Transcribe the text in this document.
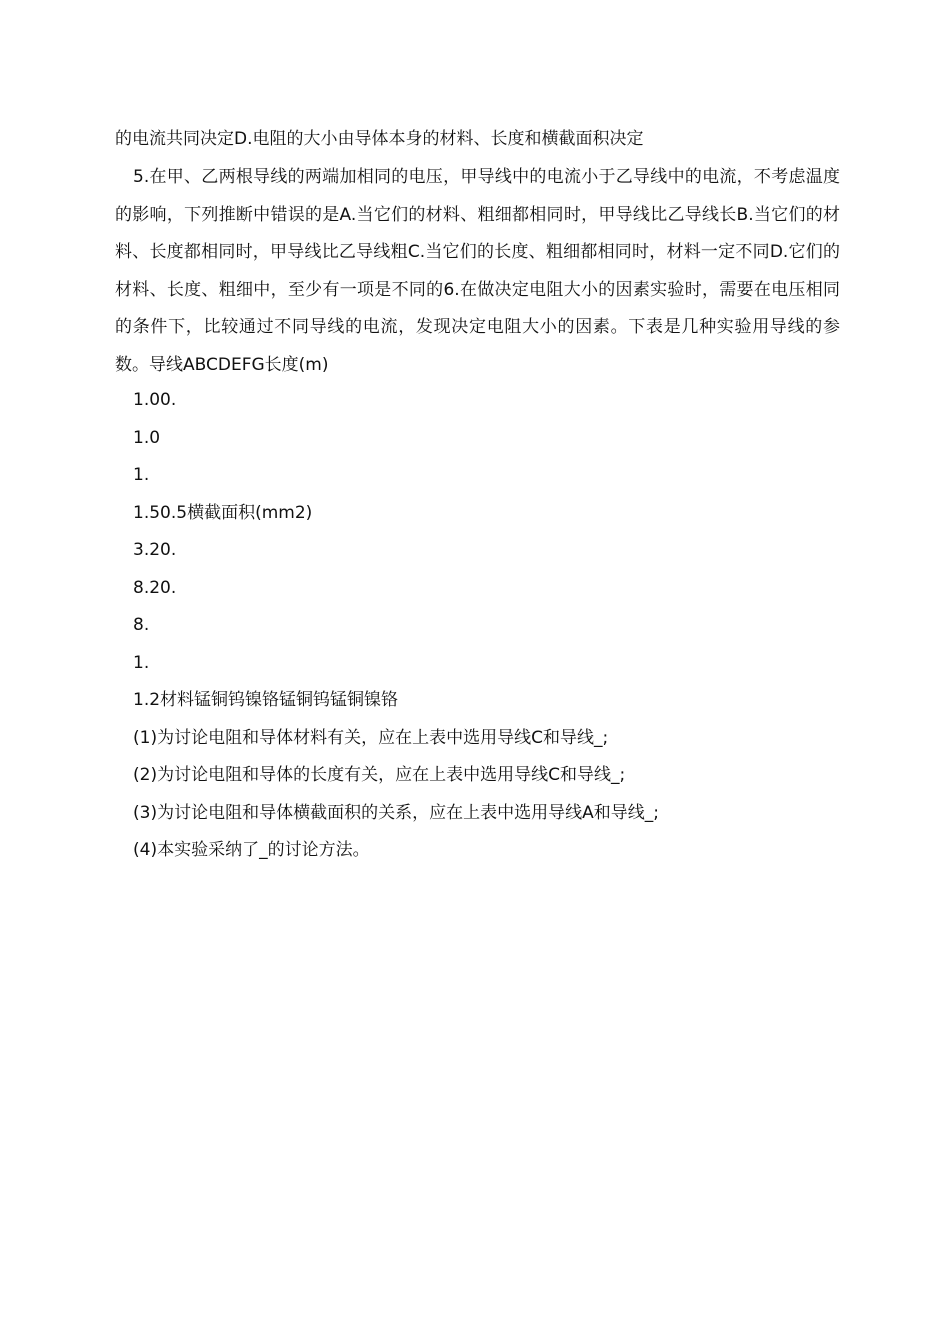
的电流共同决定D.电阻的大小由导体本身的材料、长度和横截面积决定

5.在甲、乙两根导线的两端加相同的电压，甲导线中的电流小于乙导线中的电流，不考虑温度的影响，下列推断中错误的是A.当它们的材料、粗细都相同时，甲导线比乙导线长B.当它们的材料、长度都相同时，甲导线比乙导线粗C.当它们的长度、粗细都相同时，材料一定不同D.它们的材料、长度、粗细中，至少有一项是不同的6.在做决定电阻大小的因素实验时，需要在电压相同的条件下，比较通过不同导线的电流，发现决定电阻大小的因素。下表是几种实验用导线的参数。导线ABCDEFG长度(m)

1.00.
1.0
1.
1.50.5横截面积(mm2)
3.20.
8.20.
8.
1.
1.2材料锰铜钨镍铬锰铜钨锰铜镍铬
(1)为讨论电阻和导体材料有关，应在上表中选用导线C和导线_;
(2)为讨论电阻和导体的长度有关，应在上表中选用导线C和导线_;
(3)为讨论电阻和导体横截面积的关系，应在上表中选用导线A和导线_;
(4)本实验采纳了_的讨论方法。
